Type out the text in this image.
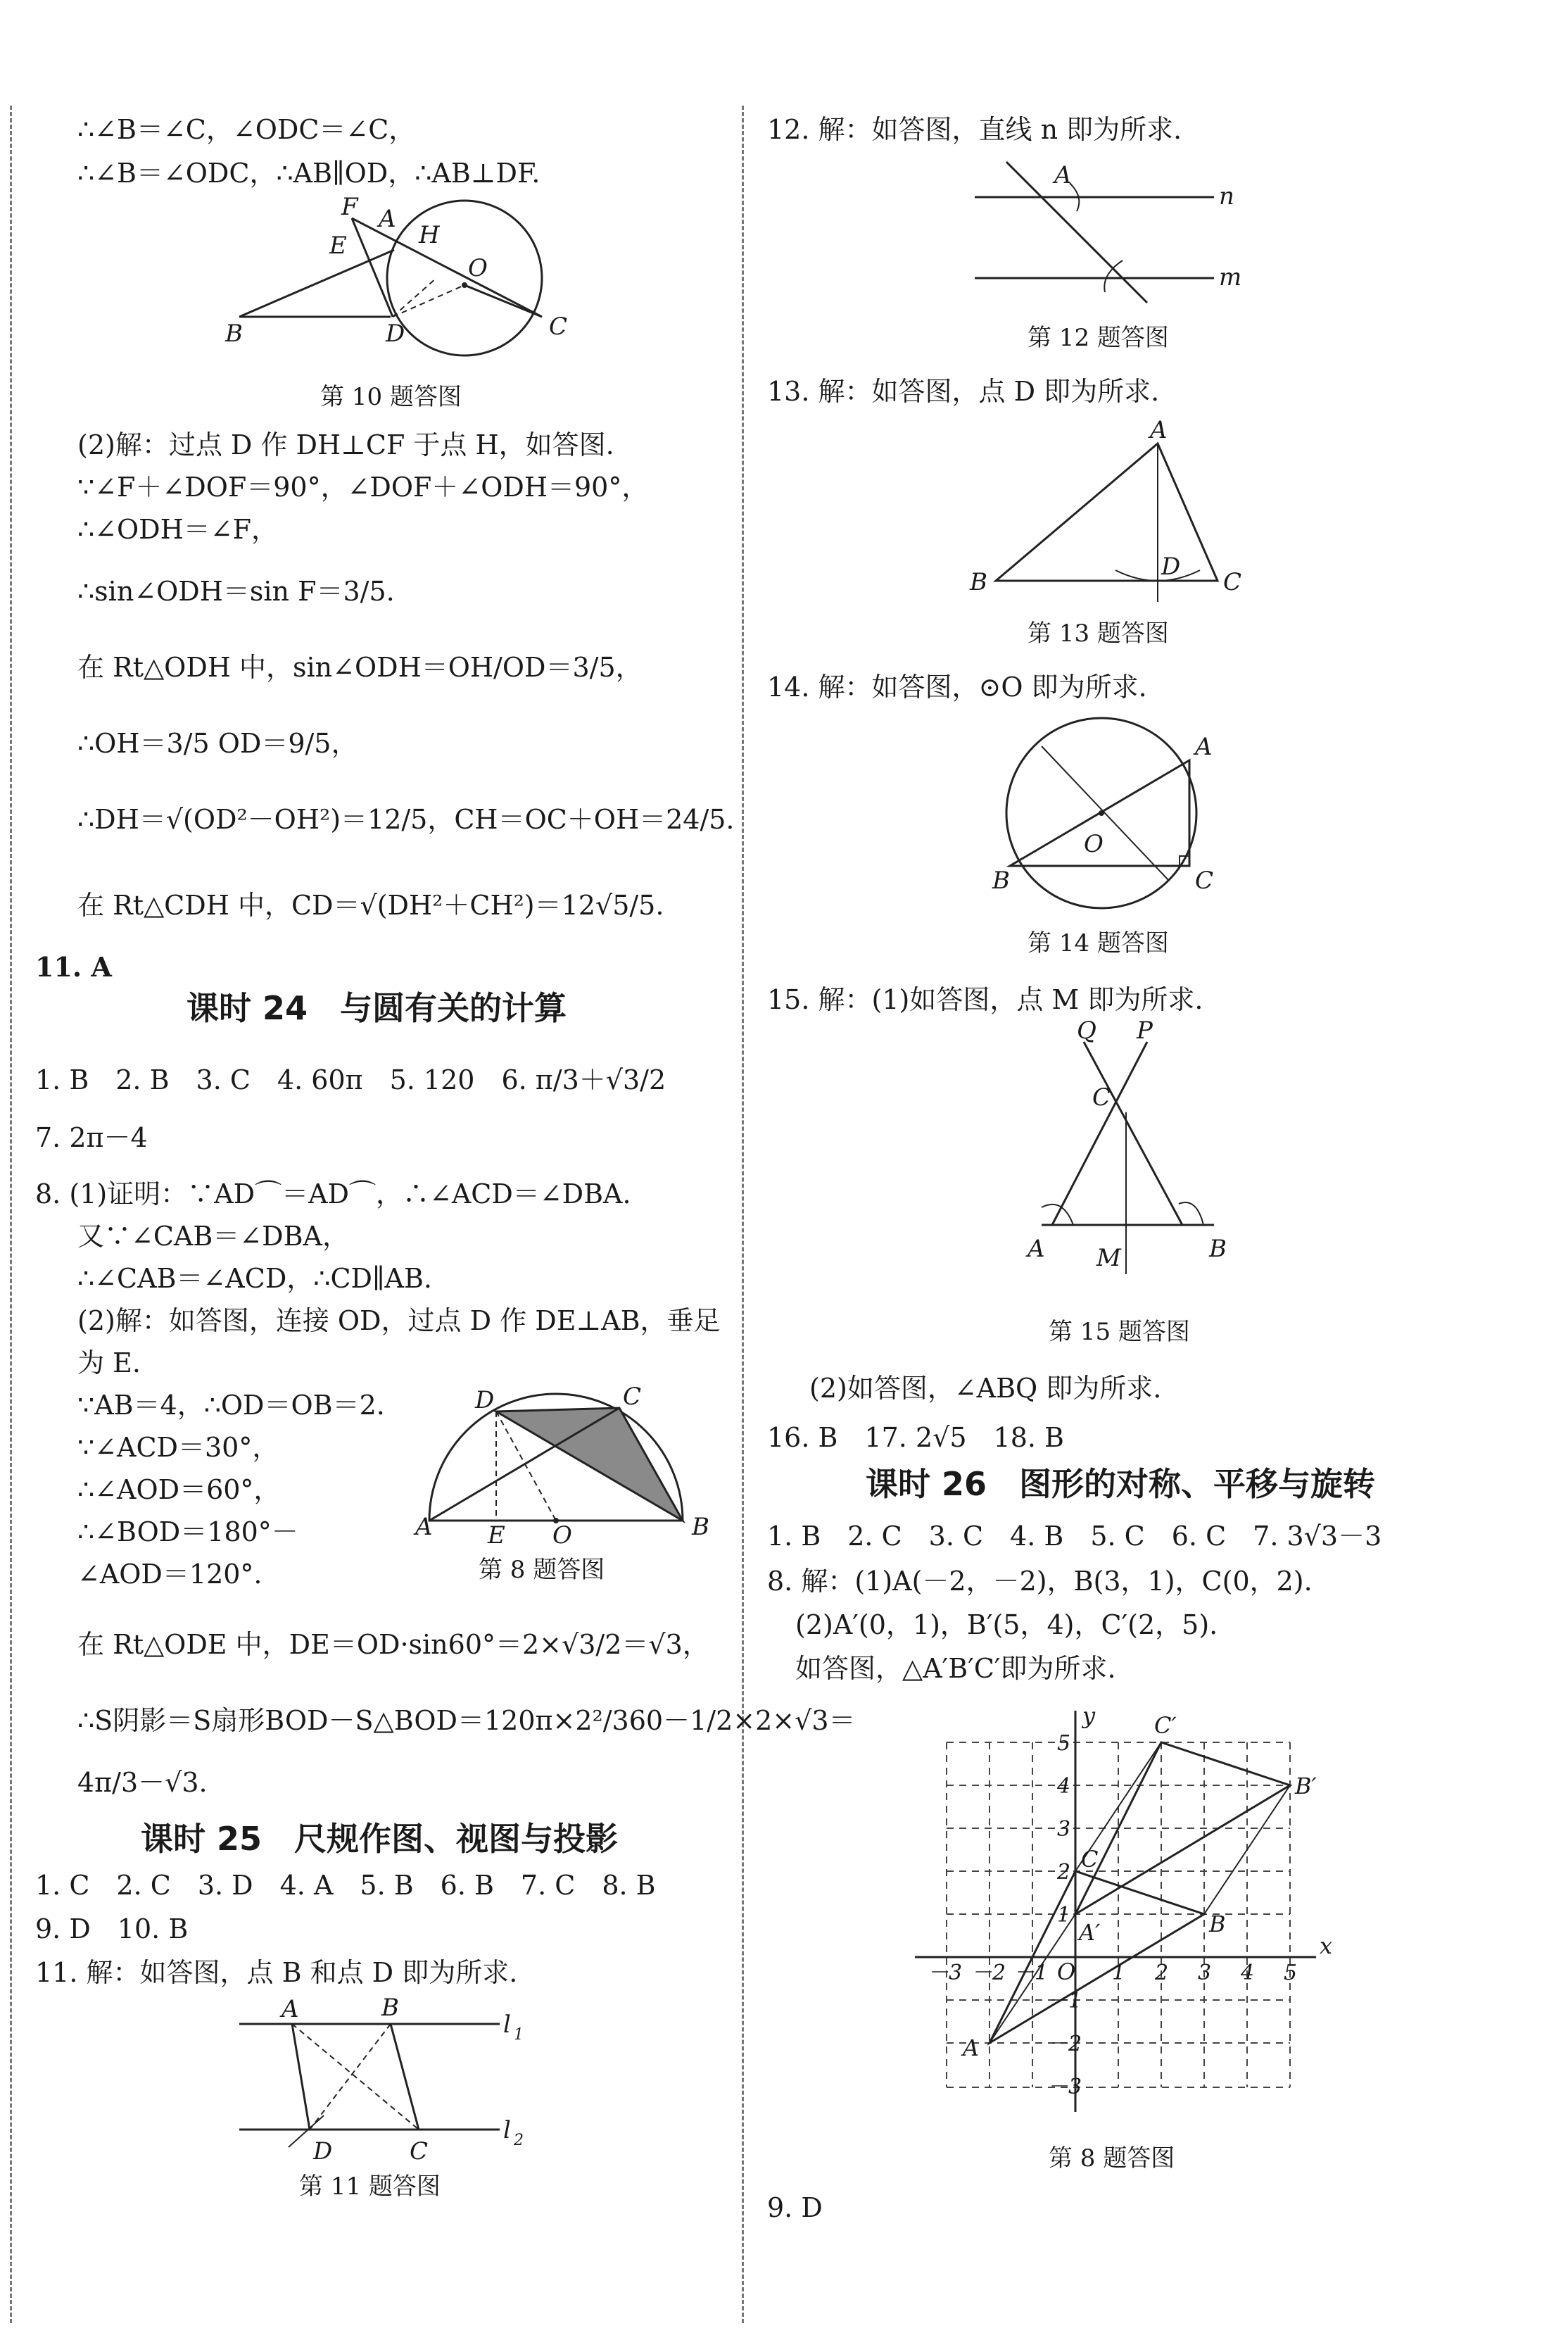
∴∠B＝∠C，∠ODC＝∠C，
∴∠B＝∠ODC，∴AB∥OD，∴AB⊥DF.
F A
E	H
O
B	D	C
第 10 题答图
(2)解：过点 D 作 DH⊥CF 于点 H，如答图.
∵∠F＋∠DOF＝90°，∠DOF＋∠ODH＝90°，
∴∠ODH＝∠F，
∴sin∠ODH＝sin F＝3/5.
在 Rt△ODH 中，sin∠ODH＝OH/OD＝3/5，
∴OH＝3/5 OD＝9/5，
∴DH＝√(OD²－OH²)＝12/5，CH＝OC＋OH＝24/5.
在 Rt△CDH 中，CD＝√(DH²＋CH²)＝12√5/5.
11. A
课时 24　与圆有关的计算
1. B　2. B　3. C　4. 60π　5. 120　6. π/3＋√3/2
7. 2π－4
8. (1)证明：∵AD⌒＝AD⌒，∴∠ACD＝∠DBA.
又∵∠CAB＝∠DBA，
∴∠CAB＝∠ACD，∴CD∥AB.
(2)解：如答图，连接 OD，过点 D 作 DE⊥AB，垂足
为 E.
∵AB＝4，∴OD＝OB＝2.
∵∠ACD＝30°，
∴∠AOD＝60°，
∴∠BOD＝180°－
∠AOD＝120°.
D	C
A E O	B
第 8 题答图
在 Rt△ODE 中，DE＝OD·sin60°＝2×√3/2＝√3，
∴S阴影＝S扇形BOD－S△BOD＝120π×2²/360－1/2×2×√3＝
4π/3－√3.
课时 25　尺规作图、视图与投影
1. C　2. C　3. D　4. A　5. B　6. B　7. C　8. B
9. D　10. B
11. 解：如答图，点 B 和点 D 即为所求.
A	B
D	C
l 1
l 2
第 11 题答图
12. 解：如答图，直线 n 即为所求.
A
n
m
第 12 题答图
13. 解：如答图，点 D 即为所求.
A
B
D
C
第 13 题答图
14. 解：如答图，⊙O 即为所求.
A
O
B	C
第 14 题答图
15. 解：(1)如答图，点 M 即为所求.
Q P
C
A M	B
第 15 题答图
(2)如答图，∠ABQ 即为所求.
16. B　17. 2√5　18. B
课时 26　图形的对称、平移与旋转
1. B　2. C　3. C　4. B　5. C　6. C　7. 3√3－3
8. 解：(1)A(－2，－2)，B(3，1)，C(0，2).
(2)A′(0，1)，B′(5，4)，C′(2，5).
如答图，△A′B′C′即为所求.
y
x
C′
B′
C
A′	B
A
O
－3 －2 －1	1 2 3 4 5
5
4
3
2
1
－1
－2
－3
第 8 题答图
9. D
